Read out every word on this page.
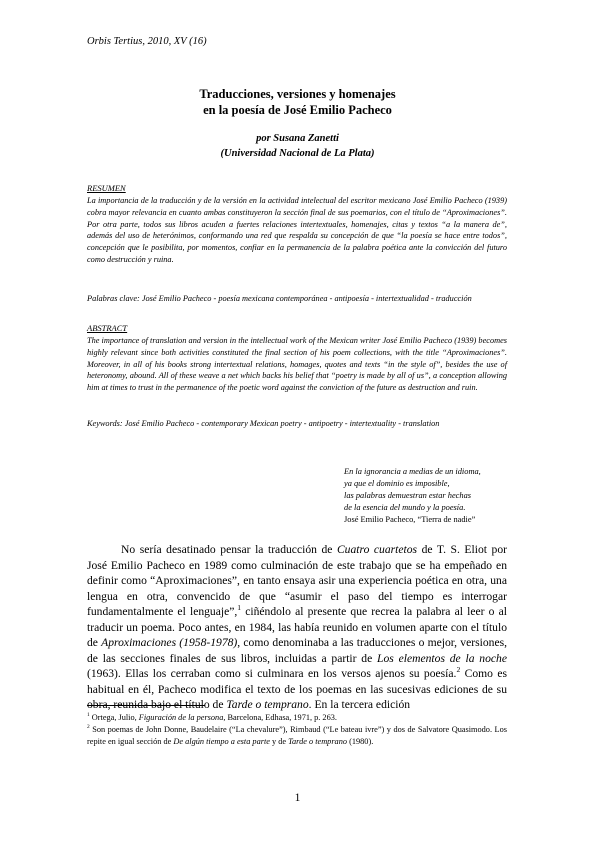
Orbis Tertius, 2010, XV (16)
Traducciones, versiones y homenajes
en la poesía de José Emilio Pacheco
por Susana Zanetti
(Universidad Nacional de La Plata)
RESUMEN
La importancia de la traducción y de la versión en la actividad intelectual del escritor mexicano José Emilio Pacheco (1939) cobra mayor relevancia en cuanto ambas constituyeron la sección final de sus poemarios, con el título de “Aproximaciones”. Por otra parte, todos sus libros acuden a fuertes relaciones intertextuales, homenajes, citas y textos “a la manera de”, además del uso de heterónimos, conformando una red que respalda su concepción de que “la poesía se hace entre todos”, concepción que le posibilita, por momentos, confiar en la permanencia de la palabra poética ante la convicción del futuro como destrucción y ruina.
Palabras clave: José Emilio Pacheco - poesía mexicana contemporánea - antipoesía - intertextualidad - traducción
ABSTRACT
The importance of translation and version in the intellectual work of the Mexican writer José Emilio Pacheco (1939) becomes highly relevant since both activities constituted the final section of his poem collections, with the title “Aproximaciones”. Moreover, in all of his books strong intertextual relations, homages, quotes and texts “in the style of”, besides the use of heteronomy, abound. All of these weave a net which backs his belief that “poetry is made by all of us”, a conception allowing him at times to trust in the permanence of the poetic word against the conviction of the future as destruction and ruin.
Keywords: José Emilio Pacheco - contemporary Mexican poetry - antipoetry - intertextuality - translation
En la ignorancia a medias de un idioma,
ya que el dominio es imposible,
las palabras demuestran estar hechas
de la esencia del mundo y la poesía.
José Emilio Pacheco, “Tierra de nadie”

No sería desatinado pensar la traducción de Cuatro cuartetos de T. S. Eliot por José Emilio Pacheco en 1989 como culminación de este trabajo que se ha empeñado en definir como “Aproximaciones”, en tanto ensaya asir una experiencia poética en otra, una lengua en otra, convencido de que “asumir el paso del tiempo es interrogar fundamentalmente el lenguaje”,$^1$ ciñéndolo al presente que recrea la palabra al leer o al traducir un poema. Poco antes, en 1984, las había reunido en volumen aparte con el título de Aproximaciones (1958-1978), como denominaba a las traducciones o mejor, versiones, de las secciones finales de sus libros, incluidas a partir de Los elementos de la noche (1963). Ellas los cerraban como si culminara en los versos ajenos su poesía.$^2$ Como es habitual en él, Pacheco modifica el texto de los poemas en las sucesivas ediciones de su obra, reunida bajo el título de Tarde o temprano. En la tercera edición

$^1$ Ortega, Julio, Figuración de la persona, Barcelona, Edhasa, 1971, p. 263.
$^2$ Son poemas de John Donne, Baudelaire (“La chevalure”), Rimbaud (“Le bateau ivre”) y dos de Salvatore Quasimodo. Los repite en igual sección de De algún tiempo a esta parte y de Tarde o temprano (1980).
1
